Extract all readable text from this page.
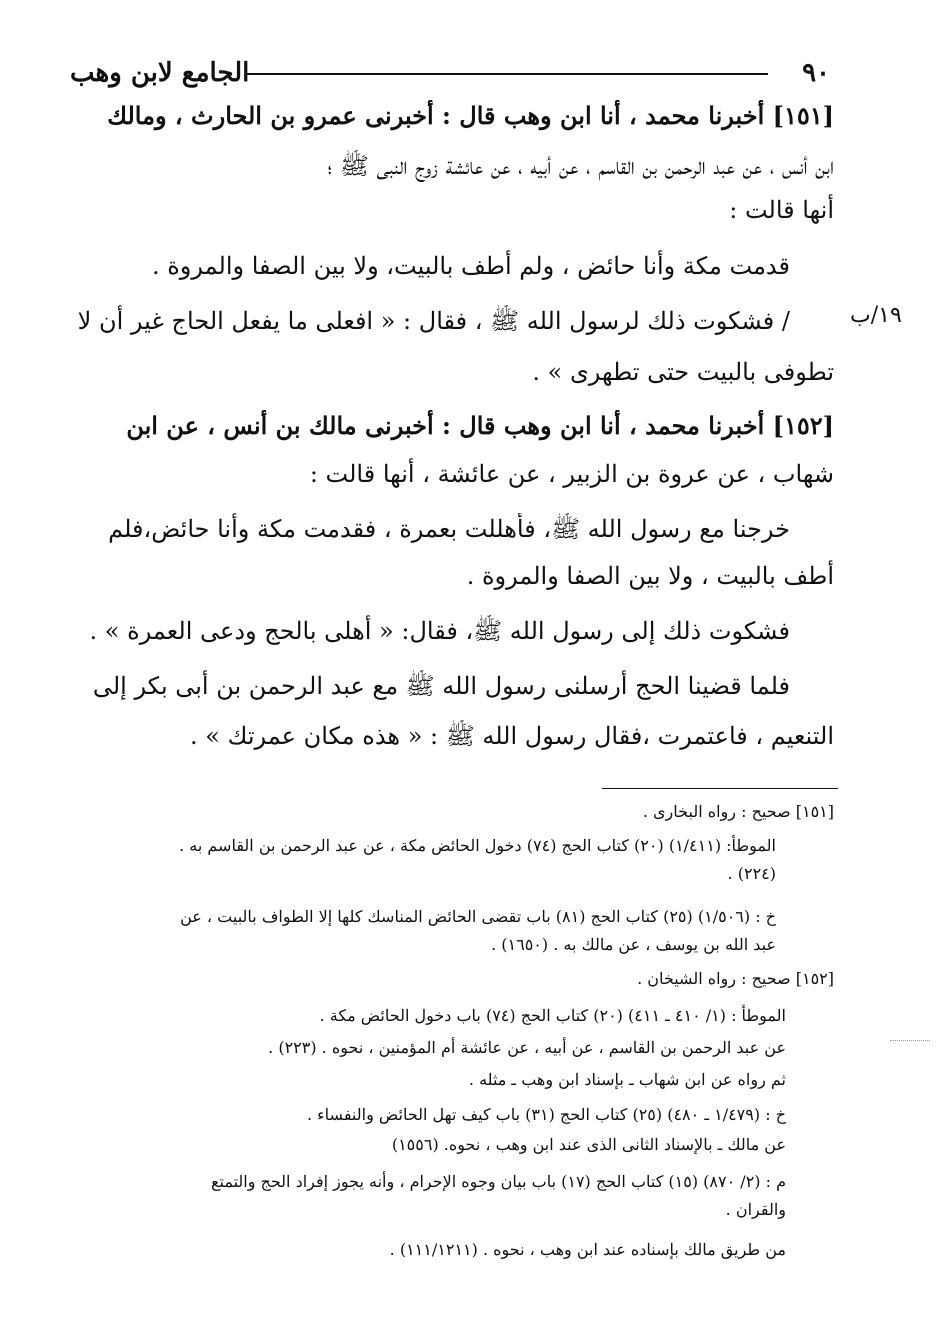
٩٠
الجامع لابن وهب
١٩/ب
[١٥١] أخبرنا محمد ، أنا ابن وهب قال : أخبرنى عمرو بن الحارث ، ومالك
ابن أنس ، عن عبد الرحمن بن القاسم ، عن أبيه ، عن عائشة زوج النبى ﷺ ؛
أنها قالت :
قدمت مكة وأنا حائض ، ولم أطف بالبيت، ولا بين الصفا والمروة .
/ فشكوت ذلك لرسول الله ﷺ ، فقال : « افعلى ما يفعل الحاج غير أن لا
تطوفى بالبيت حتى تطهرى » .
[١٥٢] أخبرنا محمد ، أنا ابن وهب قال : أخبرنى مالك بن أنس ، عن ابن
شهاب ، عن عروة بن الزبير ، عن عائشة ، أنها قالت :
خرجنا مع رسول الله ﷺ، فأهللت بعمرة ، فقدمت مكة وأنا حائض،فلم
أطف بالبيت ، ولا بين الصفا والمروة .
فشكوت ذلك إلى رسول الله ﷺ، فقال: « أهلى بالحج ودعى العمرة » .
فلما قضينا الحج أرسلنى رسول الله ﷺ مع عبد الرحمن بن أبى بكر إلى
التنعيم ، فاعتمرت ،فقال رسول الله ﷺ : « هذه مكان عمرتك » .
[١٥١] صحيح : رواه البخارى .
الموطأ: (١/٤١١) (٢٠) كتاب الحج (٧٤) دخول الحائض مكة ، عن عبد الرحمن بن القاسم به .
(٢٢٤) .
خ : (١/٥٠٦) (٢٥) كتاب الحج (٨١) باب تقضى الحائض المناسك كلها إلا الطواف بالبيت ، عن
عبد الله بن يوسف ، عن مالك به . (١٦٥٠) .
[١٥٢] صحيح : رواه الشيخان .
الموطأ : (١/ ٤١٠ ـ ٤١١) (٢٠) كتاب الحج (٧٤) باب دخول الحائض مكة .
عن عبد الرحمن بن القاسم ، عن أبيه ، عن عائشة أم المؤمنين ، نحوه . (٢٢٣) .
ثم رواه عن ابن شهاب ـ بإسناد ابن وهب ـ مثله .
خ : (١/٤٧٩ ـ ٤٨٠) (٢٥) كتاب الحج (٣١) باب كيف تهل الحائض والنفساء .
عن مالك ـ بالإسناد الثانى الذى عند ابن وهب ، نحوه. (١٥٥٦)
م : (٢/ ٨٧٠) (١٥) كتاب الحج (١٧) باب بيان وجوه الإحرام ، وأنه يجوز إفراد الحج والتمتع
والقران .
من طريق مالك بإسناده عند ابن وهب ، نحوه . (١١١/١٢١١) .
